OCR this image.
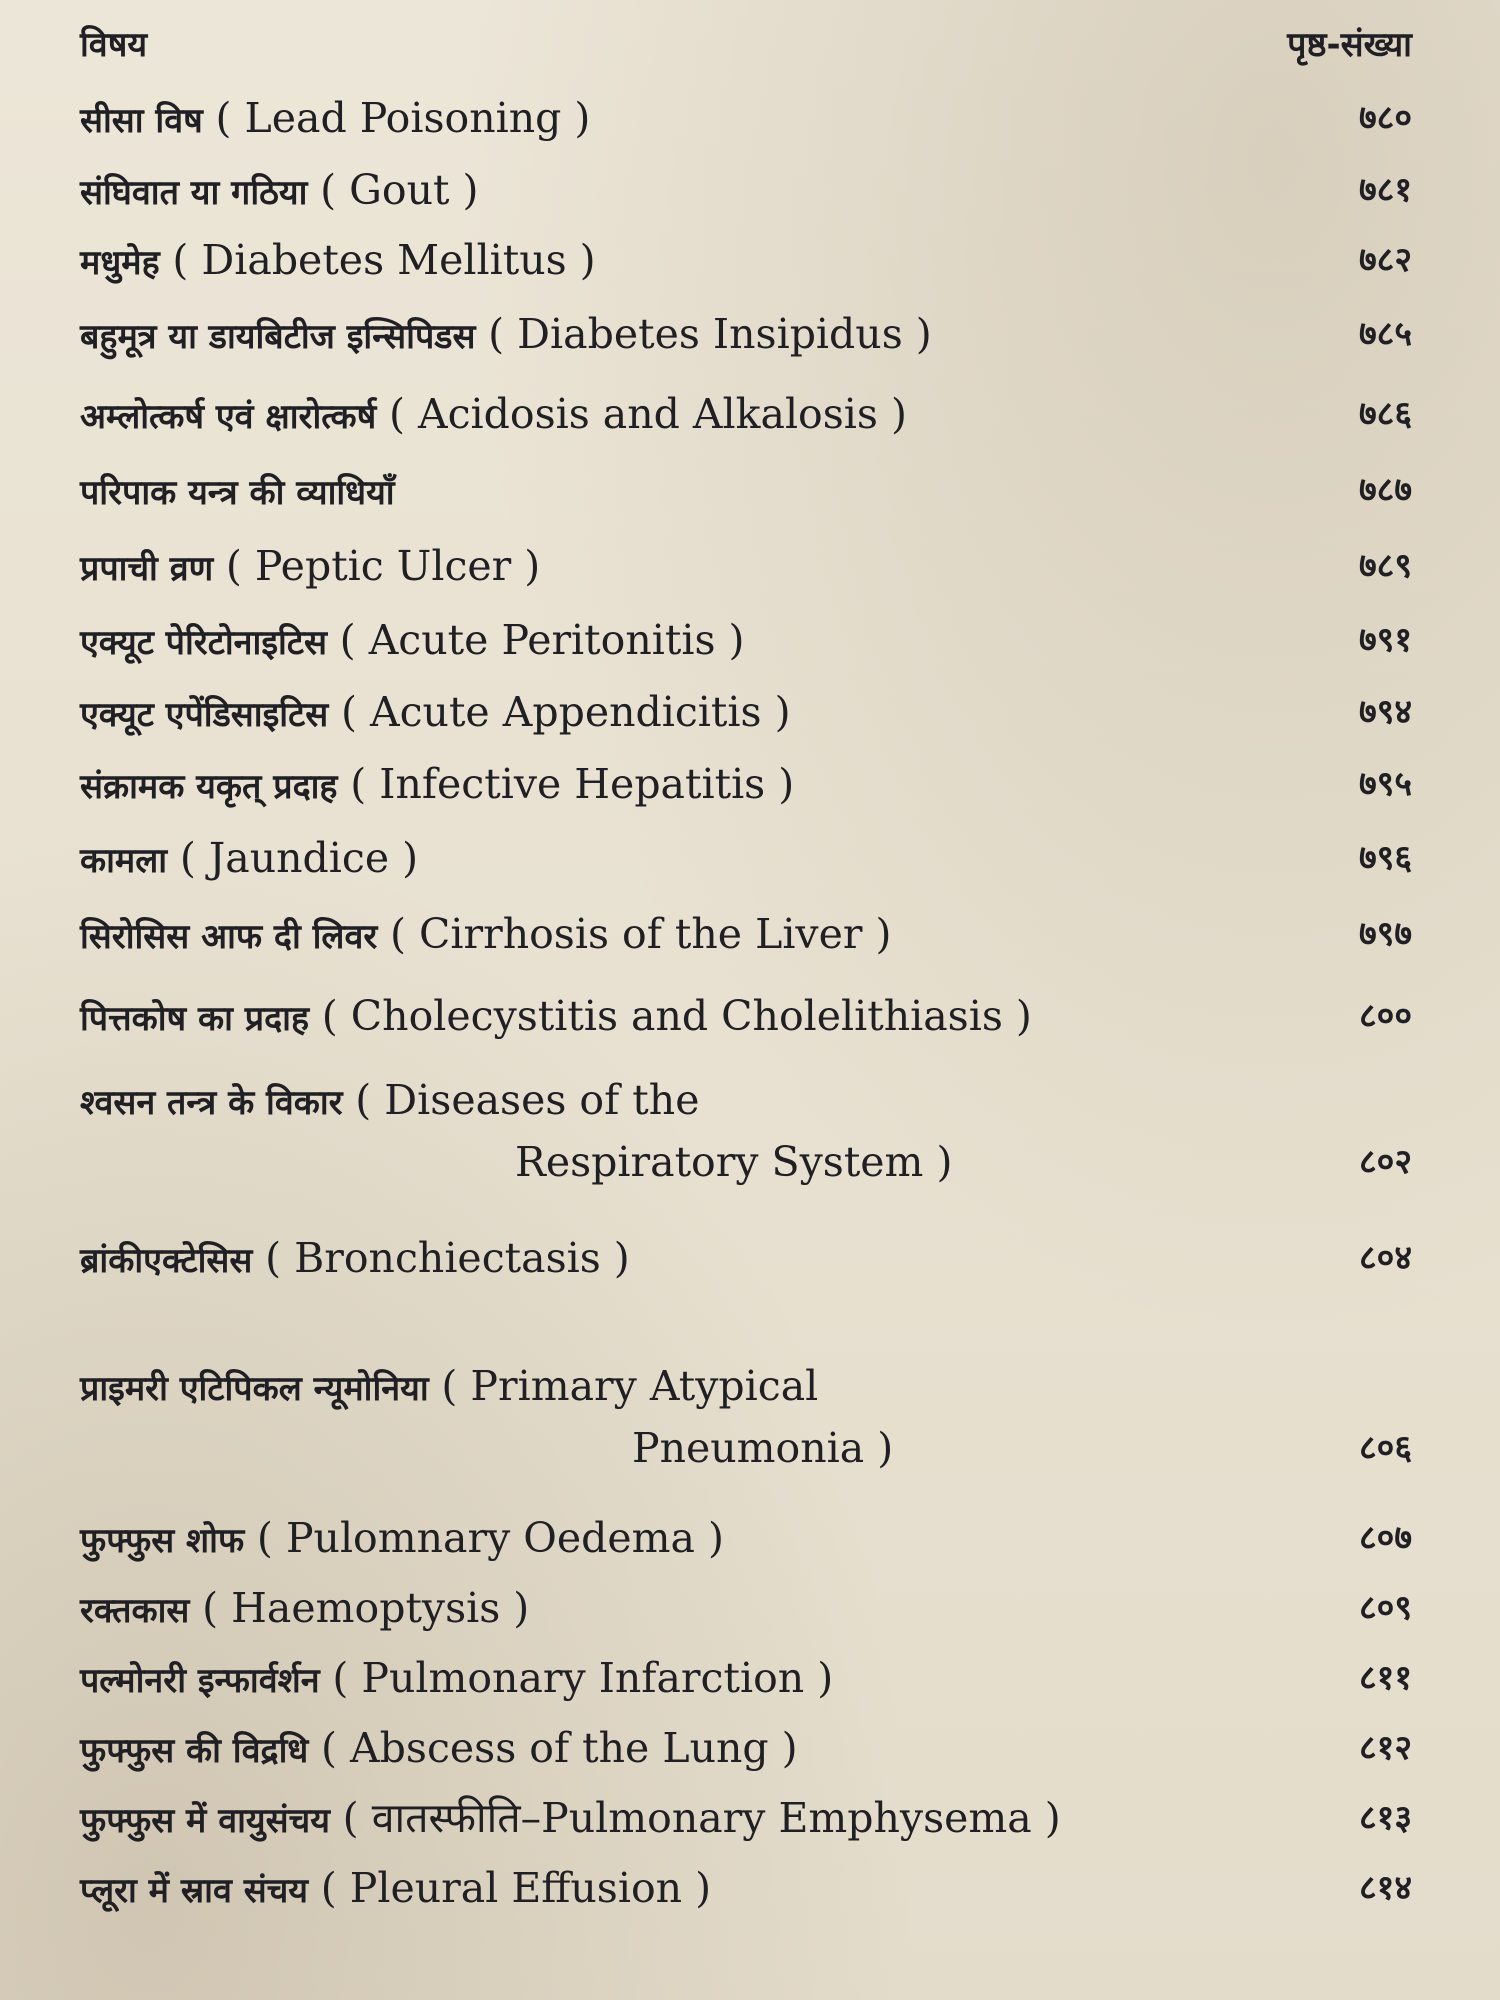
विषय	पृष्ठ-संख्या
सीसा विष ( Lead Poisoning )	७८०
संघिवात या गठिया ( Gout )	७८१
मधुमेह ( Diabetes Mellitus )	७८२
बहुमूत्र या डायबिटीज इन्सिपिडस ( Diabetes Insipidus )	७८५
अम्लोत्कर्ष एवं क्षारोत्कर्ष ( Acidosis and Alkalosis )	७८६
परिपाक यन्त्र की व्याधियाँ	७८७
प्रपाची व्रण ( Peptic Ulcer )	७८९
एक्यूट पेरिटोनाइटिस ( Acute Peritonitis )	७९१
एक्यूट एपेंडिसाइटिस ( Acute Appendicitis )	७९४
संक्रामक यकृत् प्रदाह ( Infective Hepatitis )	७९५
कामला ( Jaundice )	७९६
सिरोसिस आफ दी लिवर ( Cirrhosis of the Liver )	७९७
पित्तकोष का प्रदाह ( Cholecystitis and Cholelithiasis )	८००
श्वसन तन्त्र के विकार ( Diseases of the
Respiratory System )	८०२
ब्रांकीएक्टेसिस ( Bronchiectasis )	८०४
प्राइमरी एटिपिकल न्यूमोनिया ( Primary Atypical
Pneumonia )	८०६
फुफ्फुस शोफ ( Pulomnary Oedema )	८०७
रक्तकास ( Haemoptysis )	८०९
पल्मोनरी इन्फार्वर्शन ( Pulmonary Infarction )	८११
फुफ्फुस की विद्रधि ( Abscess of the Lung )	८१२
फुफ्फुस में वायुसंचय ( वातस्फीति–Pulmonary Emphysema )	८१३
प्लूरा में स्राव संचय ( Pleural Effusion )	८१४
